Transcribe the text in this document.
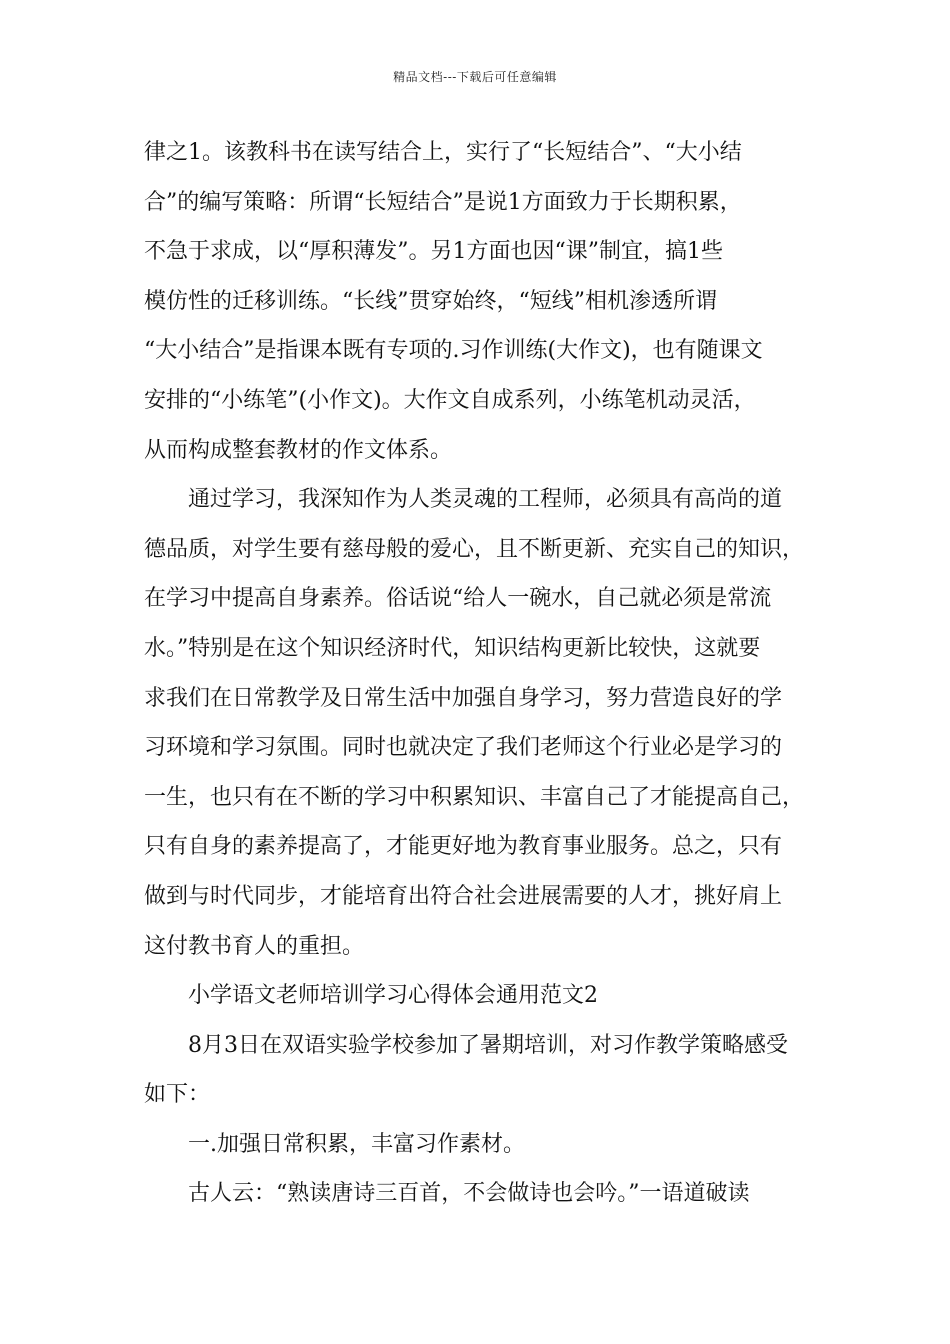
精品文档---下载后可任意编辑
律之1。该教科书在读写结合上，实行了“长短结合”、“大小结
合”的编写策略：所谓“长短结合”是说1方面致力于长期积累，
不急于求成，以“厚积薄发”。另1方面也因“课”制宜，搞1些
模仿性的迁移训练。“长线”贯穿始终，“短线”相机渗透所谓
“大小结合”是指课本既有专项的.习作训练(大作文)，也有随课文
安排的“小练笔”(小作文)。大作文自成系列，小练笔机动灵活，
从而构成整套教材的作文体系。
通过学习，我深知作为人类灵魂的工程师，必须具有高尚的道
德品质，对学生要有慈母般的爱心，且不断更新、充实自己的知识，
在学习中提高自身素养。俗话说“给人一碗水，自己就必须是常流
水。”特别是在这个知识经济时代，知识结构更新比较快，这就要
求我们在日常教学及日常生活中加强自身学习，努力营造良好的学
习环境和学习氛围。同时也就决定了我们老师这个行业必是学习的
一生，也只有在不断的学习中积累知识、丰富自己了才能提高自己，
只有自身的素养提高了，才能更好地为教育事业服务。总之，只有
做到与时代同步，才能培育出符合社会进展需要的人才，挑好肩上
这付教书育人的重担。
小学语文老师培训学习心得体会通用范文2
8月3日在双语实验学校参加了暑期培训，对习作教学策略感受
如下：
一.加强日常积累，丰富习作素材。
古人云：“熟读唐诗三百首，不会做诗也会吟。”一语道破读
